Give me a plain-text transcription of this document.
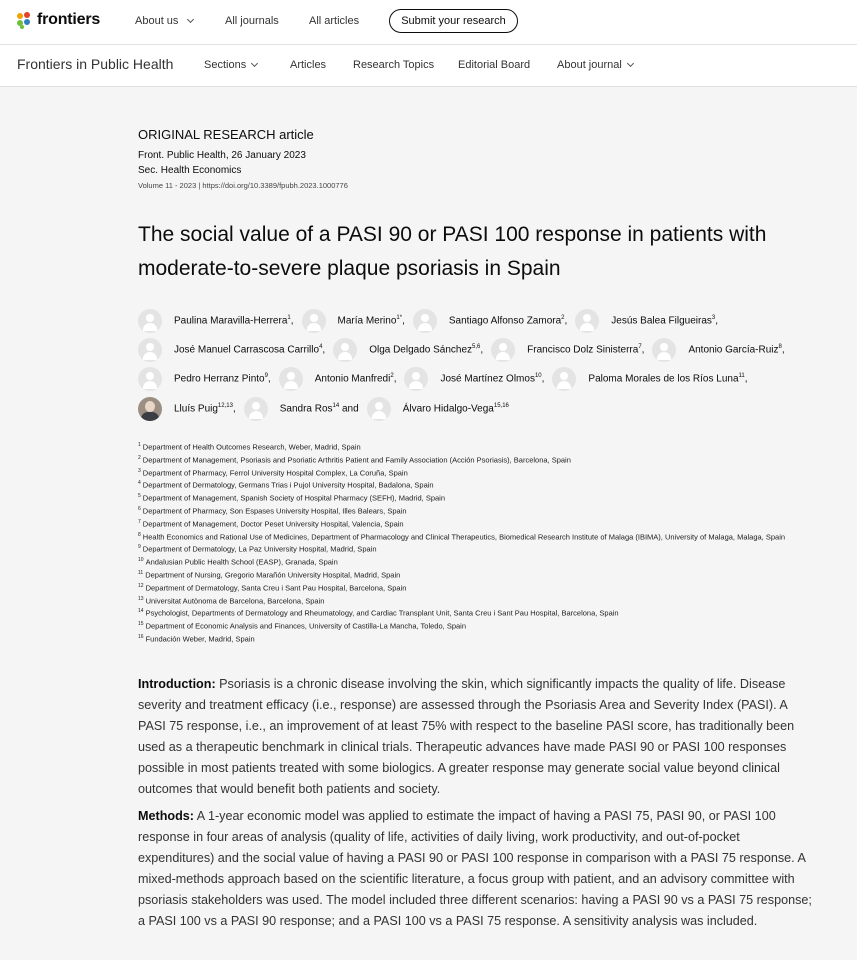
frontiers	About us	All journals	All articles	Submit your research
Frontiers in Public Health	Sections	Articles Research Topics Editorial Board About journal
ORIGINAL RESEARCH article
Front. Public Health, 26 January 2023
Sec. Health Economics
Volume 11 - 2023 | https://doi.org/10.3389/fpubh.2023.1000776
The social value of a PASI 90 or PASI 100 response in patients with moderate-to-severe plaque psoriasis in Spain
Paulina Maravilla-Herrera$^1$,	María Merino$^{1*}$,	Santiago Alfonso Zamora$^2$,	Jesús Balea Filgueiras$^3$,
José Manuel Carrascosa Carrillo$^4$,	Olga Delgado Sánchez$^{5,6}$,	Francisco Dolz Sinisterra$^7$,	Antonio García-Ruiz$^8$,
Pedro Herranz Pinto$^9$,	Antonio Manfredi$^2$,	José Martínez Olmos$^{10}$,	Paloma Morales de los Ríos Luna$^{11}$,
Lluís Puig$^{12,13}$,	Sandra Ros$^{14}$ and	Álvaro Hidalgo-Vega$^{15,16}$
$^1$ Department of Health Outcomes Research, Weber, Madrid, Spain
$^2$ Department of Management, Psoriasis and Psoriatic Arthritis Patient and Family Association (Acción Psoriasis), Barcelona, Spain
$^3$ Department of Pharmacy, Ferrol University Hospital Complex, La Coruña, Spain
$^4$ Department of Dermatology, Germans Trias i Pujol University Hospital, Badalona, Spain
$^5$ Department of Management, Spanish Society of Hospital Pharmacy (SEFH), Madrid, Spain
$^6$ Department of Pharmacy, Son Espases University Hospital, Illes Balears, Spain
$^7$ Department of Management, Doctor Peset University Hospital, Valencia, Spain
$^8$ Health Economics and Rational Use of Medicines, Department of Pharmacology and Clinical Therapeutics, Biomedical Research Institute of Malaga (IBIMA), University of Malaga, Malaga, Spain
$^9$ Department of Dermatology, La Paz University Hospital, Madrid, Spain
$^{10}$ Andalusian Public Health School (EASP), Granada, Spain
$^{11}$ Department of Nursing, Gregorio Marañón University Hospital, Madrid, Spain
$^{12}$ Department of Dermatology, Santa Creu i Sant Pau Hospital, Barcelona, Spain
$^{13}$ Universitat Autònoma de Barcelona, Barcelona, Spain
$^{14}$ Psychologist, Departments of Dermatology and Rheumatology, and Cardiac Transplant Unit, Santa Creu i Sant Pau Hospital, Barcelona, Spain
$^{15}$ Department of Economic Analysis and Finances, University of Castilla-La Mancha, Toledo, Spain
$^{16}$ Fundación Weber, Madrid, Spain

Introduction: Psoriasis is a chronic disease involving the skin, which significantly impacts the quality of life. Disease severity and treatment efficacy (i.e., response) are assessed through the Psoriasis Area and Severity Index (PASI). A PASI 75 response, i.e., an improvement of at least 75% with respect to the baseline PASI score, has traditionally been used as a therapeutic benchmark in clinical trials. Therapeutic advances have made PASI 90 or PASI 100 responses possible in most patients treated with some biologics. A greater response may generate social value beyond clinical outcomes that would benefit both patients and society.

Methods: A 1-year economic model was applied to estimate the impact of having a PASI 75, PASI 90, or PASI 100 response in four areas of analysis (quality of life, activities of daily living, work productivity, and out-of-pocket expenditures) and the social value of having a PASI 90 or PASI 100 response in comparison with a PASI 75 response. A mixed-methods approach based on the scientific literature, a focus group with patient, and an advisory committee with psoriasis stakeholders was used. The model included three different scenarios: having a PASI 90 vs a PASI 75 response; a PASI 100 vs a PASI 90 response; and a PASI 100 vs a PASI 75 response. A sensitivity analysis was included.
